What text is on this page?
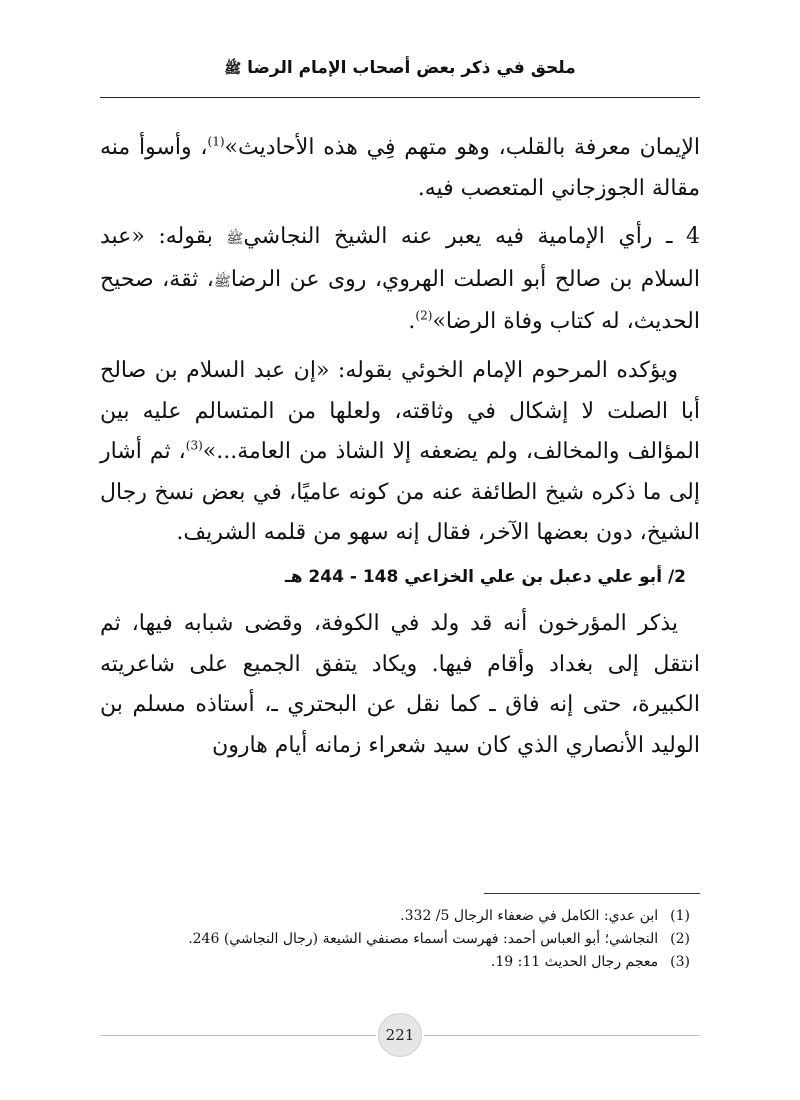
ملحق في ذكر بعض أصحاب الإمام الرضا ﷺ

الإيمان معرفة بالقلب، وهو متهم فِي هذه الأحاديث»$^{(1)}$، وأسوأ منه مقالة الجوزجاني المتعصب فيه.

4 ـ رأي الإمامية فيه يعبر عنه الشيخ النجاشيﷺ بقوله: «عبد السلام بن صالح أبو الصلت الهروي، روى عن الرضاﷺ، ثقة، صحيح الحديث، له كتاب وفاة الرضا»$^{(2)}$.

ويؤكده المرحوم الإمام الخوئي بقوله: «إن عبد السلام بن صالح أبا الصلت لا إشكال في وثاقته، ولعلها من المتسالم عليه بين المؤالف والمخالف، ولم يضعفه إلا الشاذ من العامة...»$^{(3)}$، ثم أشار إلى ما ذكره شيخ الطائفة عنه من كونه عاميًا، في بعض نسخ رجال الشيخ، دون بعضها الآخر، فقال إنه سهو من قلمه الشريف.

2/ أبو علي دعبل بن علي الخزاعي 148 - 244 هـ

يذكر المؤرخون أنه قد ولد في الكوفة، وقضى شبابه فيها، ثم انتقل إلى بغداد وأقام فيها. ويكاد يتفق الجميع على شاعريته الكبيرة، حتى إنه فاق ـ كما نقل عن البحتري ـ، أستاذه مسلم بن الوليد الأنصاري الذي كان سيد شعراء زمانه أيام هارون

(1)ابن عدي: الكامل في ضعفاء الرجال 5/ 332.
(2)النجاشي؛ أبو العباس أحمد: فهرست أسماء مصنفي الشيعة (رجال النجاشي) 246.
(3)معجم رجال الحديث 11: 19.
221
